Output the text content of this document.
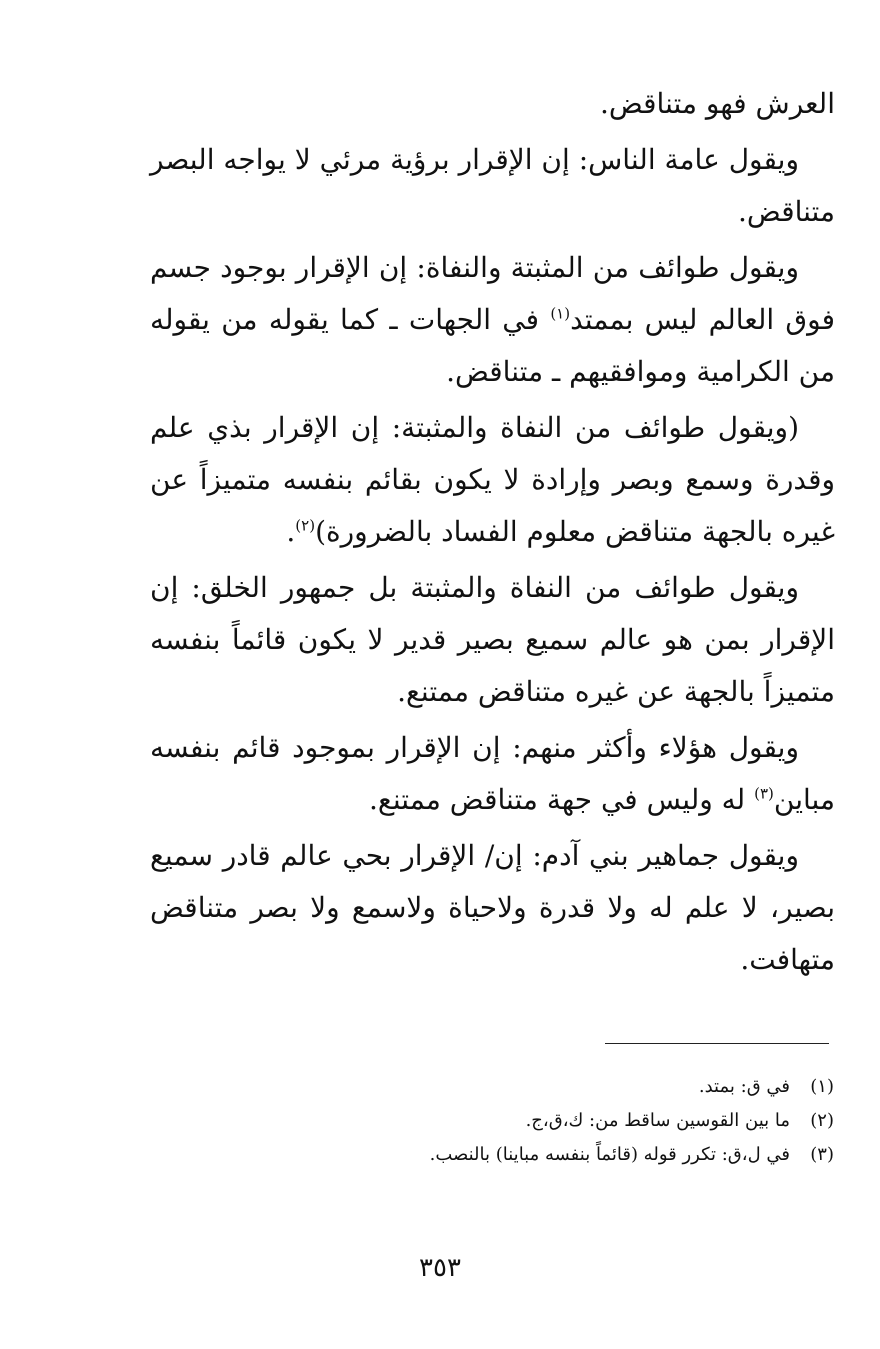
العرش فهو متناقض.

ويقول عامة الناس: إن الإقرار برؤية مرئي لا يواجه البصر متناقض.

ويقول طوائف من المثبتة والنفاة: إن الإقرار بوجود جسم فوق العالم ليس بممتد$^{(١)}$ في الجهات ـ كما يقوله من يقوله من الكرامية وموافقيهم ـ متناقض.

(ويقول طوائف من النفاة والمثبتة: إن الإقرار بذي علم وقدرة وسمع وبصر وإرادة لا يكون بقائم بنفسه متميزاً عن غيره بالجهة متناقض معلوم الفساد بالضرورة)$^{(٢)}$.

ويقول طوائف من النفاة والمثبتة بل جمهور الخلق: إن الإقرار بمن هو عالم سميع بصير قدير لا يكون قائماً بنفسه متميزاً بالجهة عن غيره متناقض ممتنع.

ويقول هؤلاء وأكثر منهم: إن الإقرار بموجود قائم بنفسه مباين$^{(٣)}$ له وليس في جهة متناقض ممتنع.

ويقول جماهير بني آدم: إن/ الإقرار بحي عالم قادر سميع بصير، لا علم له ولا قدرة ولاحياة ولاسمع ولا بصر متناقض متهافت.

(١)في ق: بمتد.
(٢)ما بين القوسين ساقط من: ك،ق،ج.
(٣)في ل،ق: تكرر قوله (قائماً بنفسه مباينا) بالنصب.
٣٥٣
